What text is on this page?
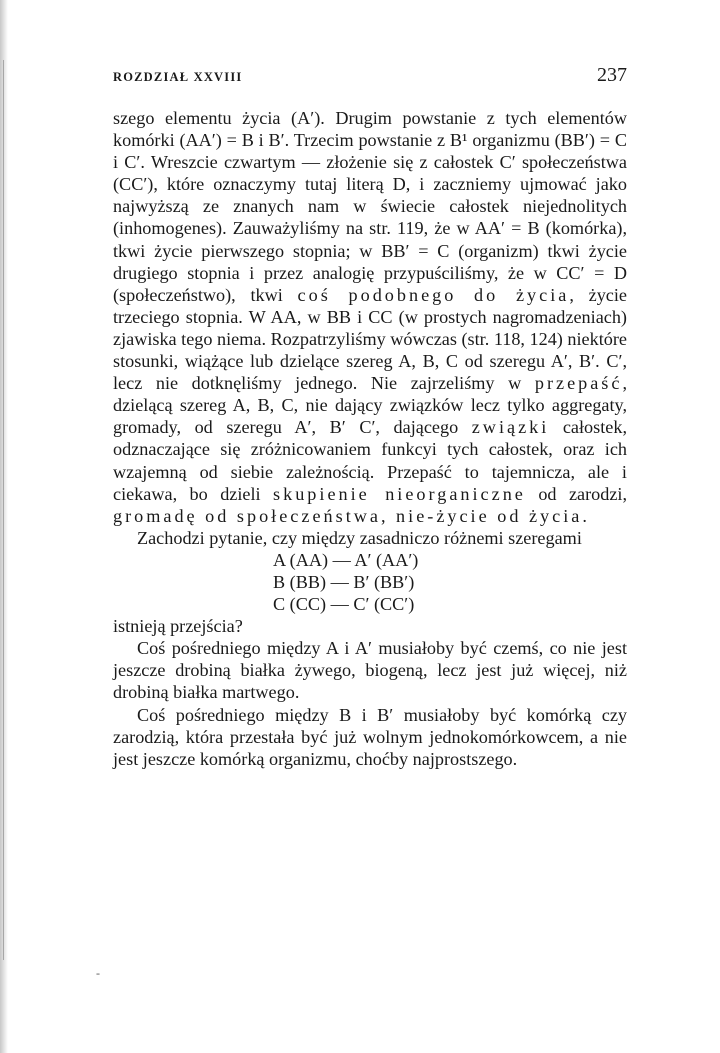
ROZDZIAŁ XXVIII	237

szego elementu życia (A′). Drugim powstanie z tych elementów komórki (AA′) = B i B′. Trzecim powstanie z B¹ organizmu (BB′) = C i C′. Wreszcie czwartym — złożenie się z całostek C′ społeczeństwa (CC′), które oznaczymy tutaj literą D, i zaczniemy ujmować jako najwyższą ze znanych nam w świecie całostek niejednolitych (inhomogenes). Zauważyliśmy na str. 119, że w AA′ = B (komórka), tkwi życie pierwszego stopnia; w BB′ = C (organizm) tkwi życie drugiego stopnia i przez analogię przypuściliśmy, że w CC′ = D (społeczeństwo), tkwi coś podobnego do życia, życie trzeciego stopnia. W AA, w BB i CC (w prostych nagromadzeniach) zjawiska tego niema. Rozpatrzyliśmy wówczas (str. 118, 124) niektóre stosunki, wiążące lub dzielące szereg A, B, C od szeregu A′, B′. C′, lecz nie dotknęliśmy jednego. Nie zajrzeliśmy w przepaść, dzielącą szereg A, B, C, nie dający związków lecz tylko aggregaty, gromady, od szeregu A′, B′ C′, dającego związki całostek, odznaczające się zróżnicowaniem funkcyi tych całostek, oraz ich wzajemną od siebie zależnością. Przepaść to tajemnicza, ale i ciekawa, bo dzieli skupienie nieorganiczne od zarodzi, gromadę od społeczeństwa, nie-życie od życia.

Zachodzi pytanie, czy między zasadniczo różnemi szeregami

A (AA) — A′ (AA′)
B (BB) — B′ (BB′)
C (CC) — C′ (CC′)

istnieją przejścia?

Coś pośredniego między A i A′ musiałoby być czemś, co nie jest jeszcze drobiną białka żywego, biogeną, lecz jest już więcej, niż drobiną białka martwego.

Coś pośredniego między B i B′ musiałoby być komórką czy zarodzią, która przestała być już wolnym jednokomórkowcem, a nie jest jeszcze komórką organizmu, choćby najprostszego.

-
